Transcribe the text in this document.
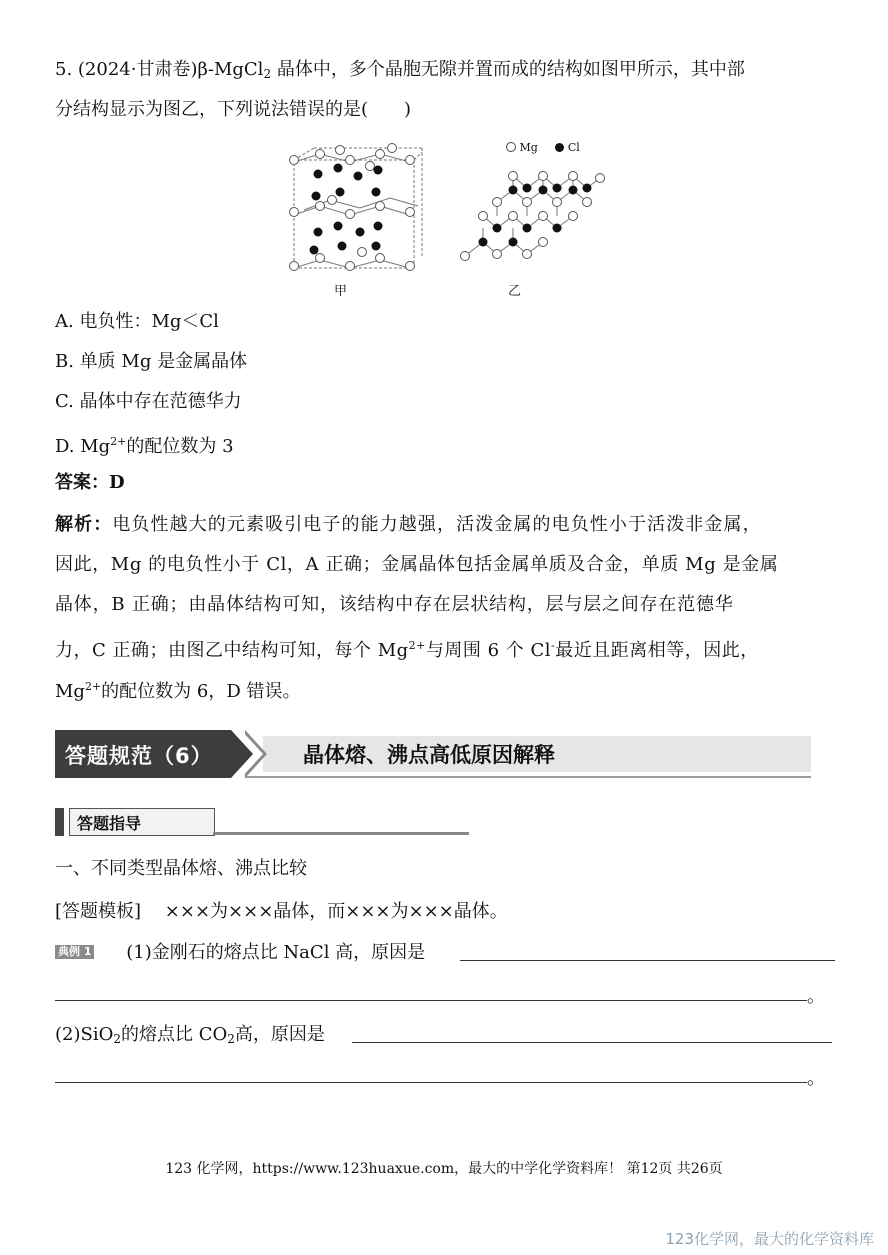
5. (2024·甘肃卷)β-MgCl$_2$ 晶体中，多个晶胞无隙并置而成的结构如图甲所示，其中部
分结构显示为图乙，下列说法错误的是(　　)
甲
Mg	Cl
乙
A. 电负性：Mg＜Cl
B. 单质 Mg 是金属晶体
C. 晶体中存在范德华力
D. $Mg^{2+}$的配位数为 3
答案：D
解析：电负性越大的元素吸引电子的能力越强，活泼金属的电负性小于活泼非金属，
因此，Mg 的电负性小于 Cl，A 正确；金属晶体包括金属单质及合金，单质 Mg 是金属
晶体，B 正确；由晶体结构可知，该结构中存在层状结构，层与层之间存在范德华
力，C 正确；由图乙中结构可知，每个 $Mg^{2+}$与周围 6 个 Cl-最近且距离相等，因此，
$Mg^{2+}$的配位数为 6，D 错误。
答题规范（6）	晶体熔、沸点高低原因解释
答题指导
一、不同类型晶体熔、沸点比较
[答题模板] ×××为×××晶体，而×××为×××晶体。
典例 1 (1)金刚石的熔点比 NaCl 高，原因是
。
(2)SiO$_2$的熔点比 $CO_2$高，原因是
。
123 化学网，https://www.123huaxue.com，最大的中学化学资料库！ 第12页 共26页
123化学网，最大的化学资料库
